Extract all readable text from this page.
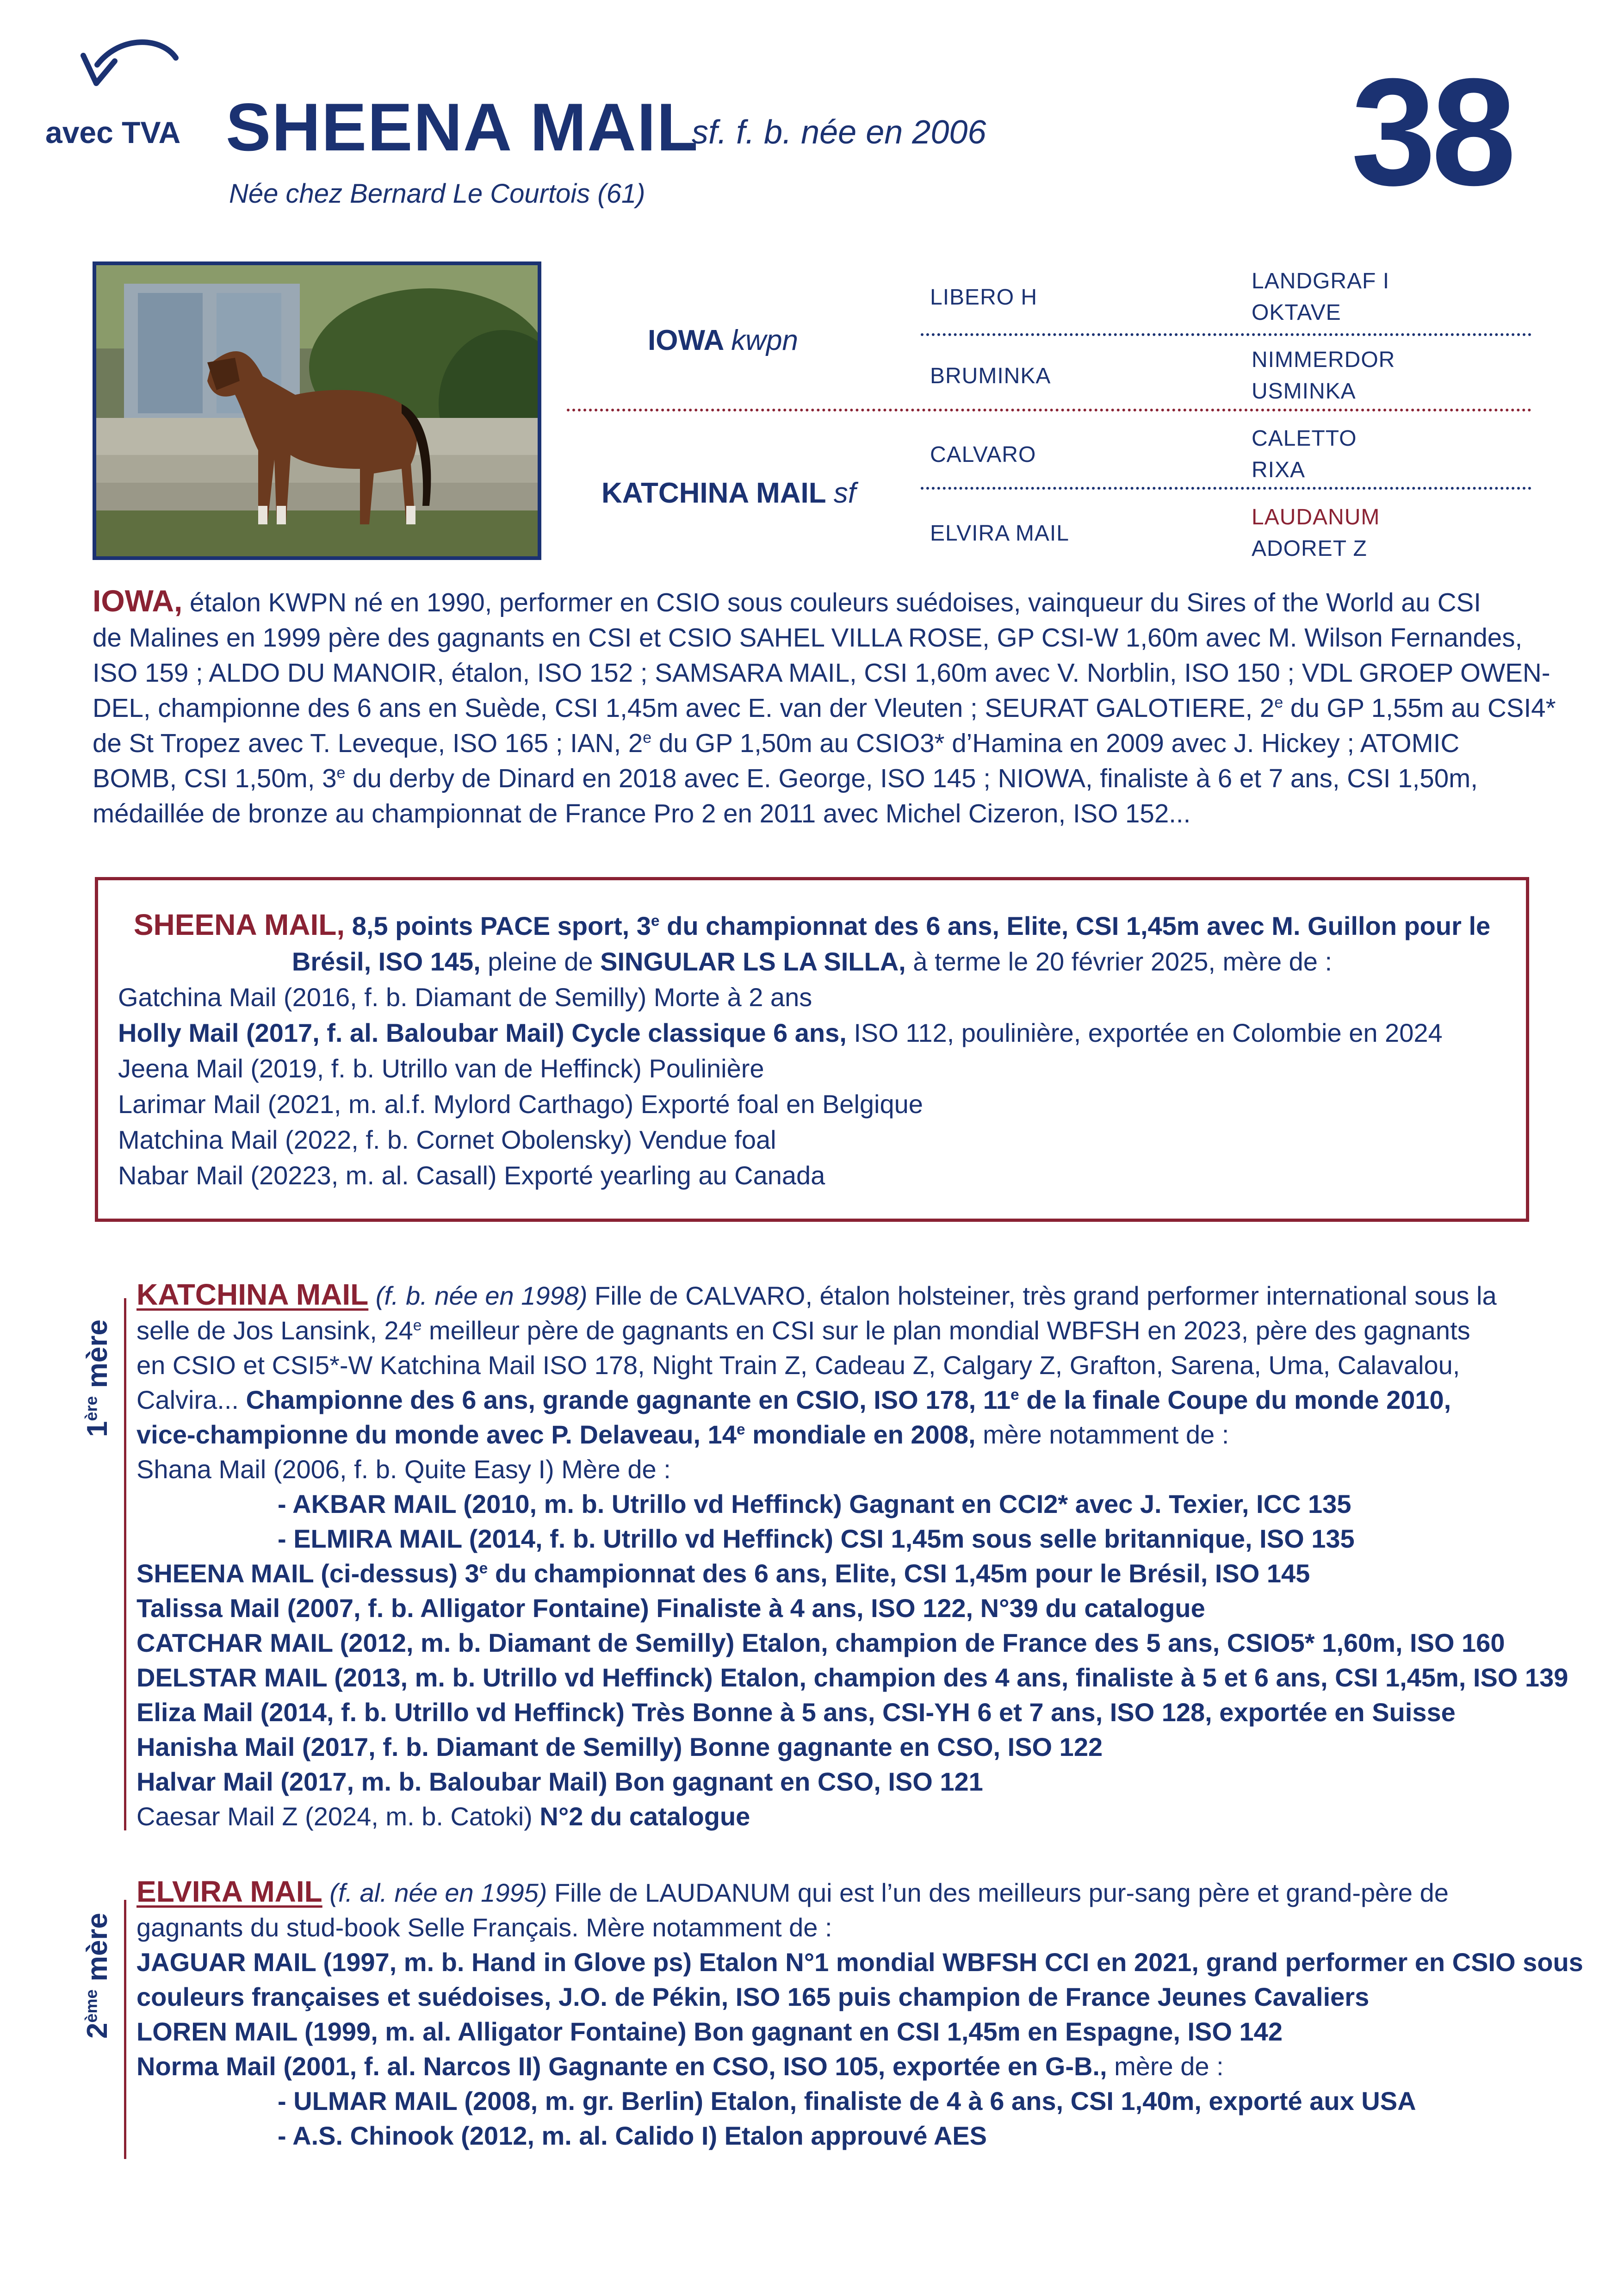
avec TVA SHEENA MAIL
sf. f. b. née en 2006
Née chez Bernard Le Courtois (61)	38
IOWA kwpn
KATCHINA MAIL sf
LIBERO H
BRUMINKA
CALVARO
ELVIRA MAIL
LANDGRAF I
OKTAVE
NIMMERDOR
USMINKA
CALETTO
RIXA
LAUDANUM
ADORET Z
IOWA, étalon KWPN né en 1990, performer en CSIO sous couleurs suédoises, vainqueur du Sires of the World au CSI
de Malines en 1999 père des gagnants en CSI et CSIO SAHEL VILLA ROSE, GP CSI-W 1,60m avec M. Wilson Fernandes,
ISO 159 ; ALDO DU MANOIR, étalon, ISO 152 ; SAMSARA MAIL, CSI 1,60m avec V. Norblin, ISO 150 ; VDL GROEP OWEN-
DEL, championne des 6 ans en Suède, CSI 1,45m avec E. van der Vleuten ; SEURAT GALOTIERE, 2e du GP 1,55m au CSI4*
de St Tropez avec T. Leveque, ISO 165 ; IAN, 2e du GP 1,50m au CSIO3* d’Hamina en 2009 avec J. Hickey ; ATOMIC
BOMB, CSI 1,50m, 3e du derby de Dinard en 2018 avec E. George, ISO 145 ; NIOWA, finaliste à 6 et 7 ans, CSI 1,50m,
médaillée de bronze au championnat de France Pro 2 en 2011 avec Michel Cizeron, ISO 152...
SHEENA MAIL, 8,5 points PACE sport, 3e du championnat des 6 ans, Elite, CSI 1,45m avec M. Guillon pour le
Brésil, ISO 145, pleine de SINGULAR LS LA SILLA, à terme le 20 février 2025, mère de :
Gatchina Mail (2016, f. b. Diamant de Semilly) Morte à 2 ans
Holly Mail (2017, f. al. Baloubar Mail) Cycle classique 6 ans, ISO 112, poulinière, exportée en Colombie en 2024
Jeena Mail (2019, f. b. Utrillo van de Heffinck) Poulinière
Larimar Mail (2021, m. al.f. Mylord Carthago) Exporté foal en Belgique
Matchina Mail (2022, f. b. Cornet Obolensky) Vendue foal
Nabar Mail (20223, m. al. Casall) Exporté yearling au Canada
1ère mère
KATCHINA MAIL (f. b. née en 1998) Fille de CALVARO, étalon holsteiner, très grand performer international sous la
selle de Jos Lansink, 24e meilleur père de gagnants en CSI sur le plan mondial WBFSH en 2023, père des gagnants
en CSIO et CSI5*-W Katchina Mail ISO 178, Night Train Z, Cadeau Z, Calgary Z, Grafton, Sarena, Uma, Calavalou,
Calvira... Championne des 6 ans, grande gagnante en CSIO, ISO 178, 11e de la finale Coupe du monde 2010,
vice-championne du monde avec P. Delaveau, 14e mondiale en 2008, mère notamment de :
Shana Mail (2006, f. b. Quite Easy I) Mère de :
- AKBAR MAIL (2010, m. b. Utrillo vd Heffinck) Gagnant en CCI2* avec J. Texier, ICC 135
- ELMIRA MAIL (2014, f. b. Utrillo vd Heffinck) CSI 1,45m sous selle britannique, ISO 135
SHEENA MAIL (ci-dessus) 3e du championnat des 6 ans, Elite, CSI 1,45m pour le Brésil, ISO 145
Talissa Mail (2007, f. b. Alligator Fontaine) Finaliste à 4 ans, ISO 122, N°39 du catalogue
CATCHAR MAIL (2012, m. b. Diamant de Semilly) Etalon, champion de France des 5 ans, CSIO5* 1,60m, ISO 160
DELSTAR MAIL (2013, m. b. Utrillo vd Heffinck) Etalon, champion des 4 ans, finaliste à 5 et 6 ans, CSI 1,45m, ISO 139
Eliza Mail (2014, f. b. Utrillo vd Heffinck) Très Bonne à 5 ans, CSI-YH 6 et 7 ans, ISO 128, exportée en Suisse
Hanisha Mail (2017, f. b. Diamant de Semilly) Bonne gagnante en CSO, ISO 122
Halvar Mail (2017, m. b. Baloubar Mail) Bon gagnant en CSO, ISO 121
Caesar Mail Z (2024, m. b. Catoki) N°2 du catalogue
2ème mère
ELVIRA MAIL (f. al. née en 1995) Fille de LAUDANUM qui est l’un des meilleurs pur-sang père et grand-père de
gagnants du stud-book Selle Français. Mère notamment de :
JAGUAR MAIL (1997, m. b. Hand in Glove ps) Etalon N°1 mondial WBFSH CCI en 2021, grand performer en CSIO sous
couleurs françaises et suédoises, J.O. de Pékin, ISO 165 puis champion de France Jeunes Cavaliers
LOREN MAIL (1999, m. al. Alligator Fontaine) Bon gagnant en CSI 1,45m en Espagne, ISO 142
Norma Mail (2001, f. al. Narcos II) Gagnante en CSO, ISO 105, exportée en G-B., mère de :
- ULMAR MAIL (2008, m. gr. Berlin) Etalon, finaliste de 4 à 6 ans, CSI 1,40m, exporté aux USA
- A.S. Chinook (2012, m. al. Calido I) Etalon approuvé AES
